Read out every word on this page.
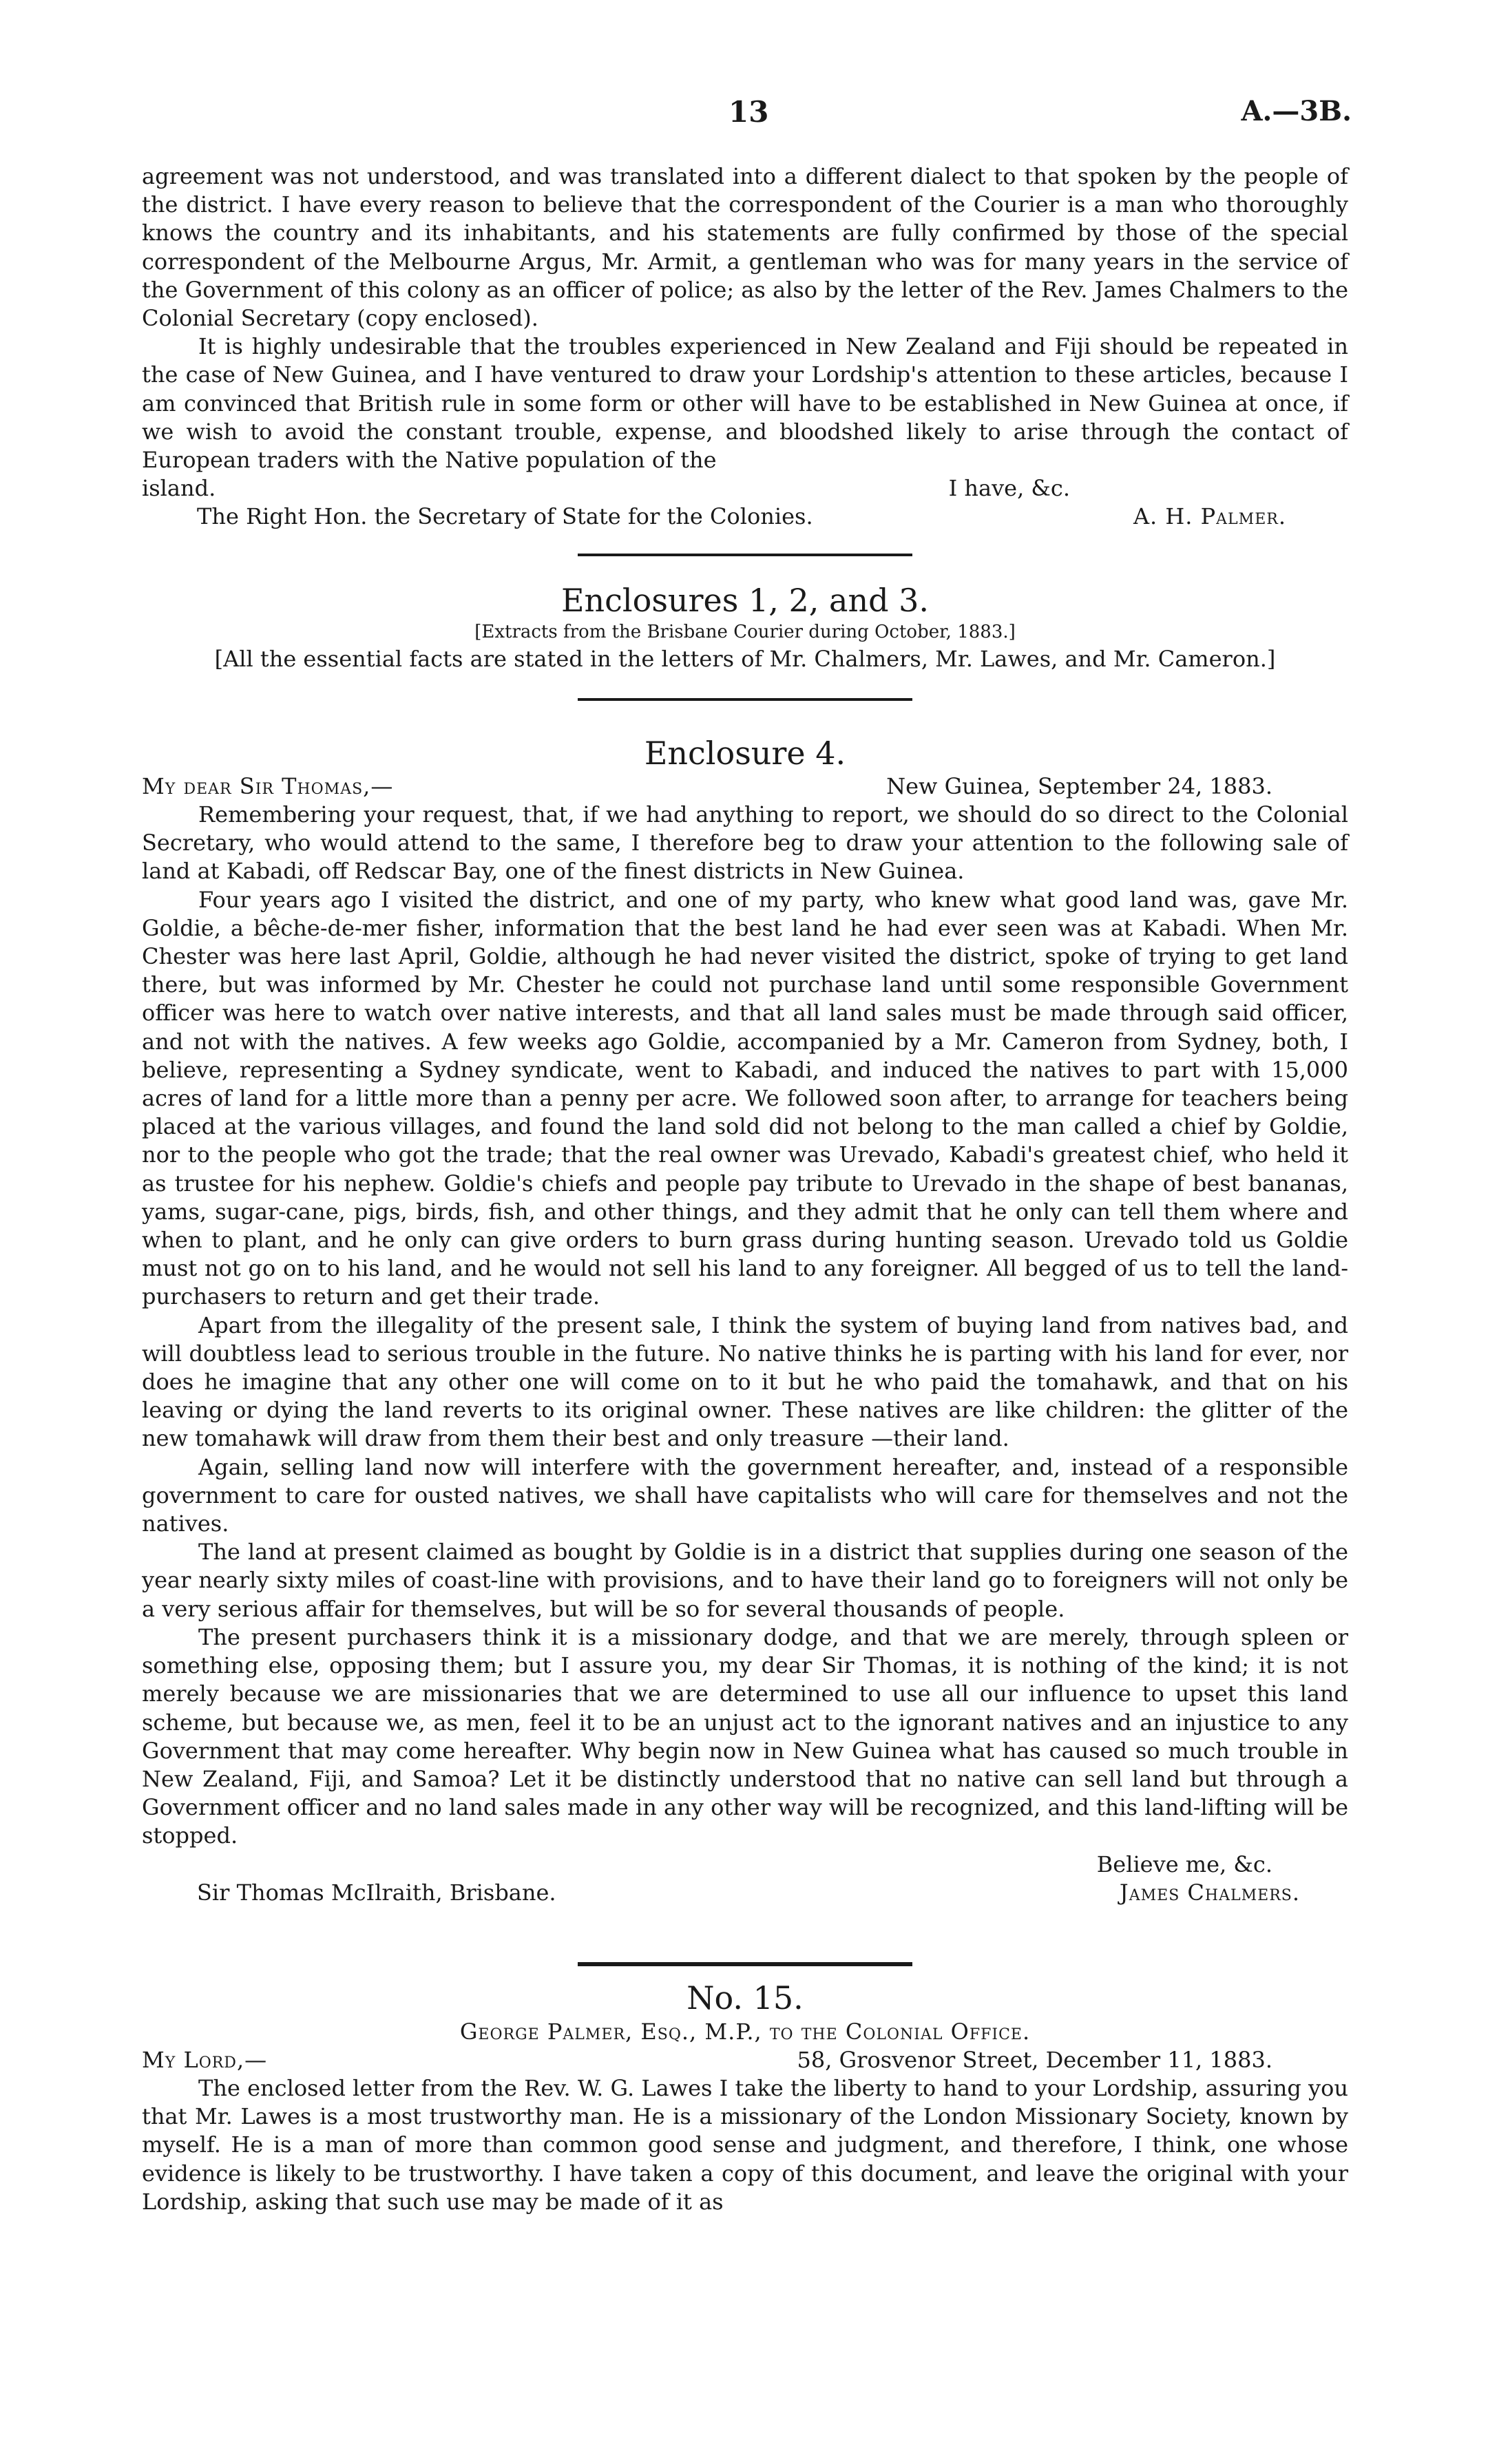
13	A.—3B.

agreement was not understood, and was translated into a different dialect to that spoken by the people of the district. I have every reason to believe that the correspondent of the Courier is a man who thoroughly knows the country and its inhabitants, and his statements are fully confirmed by those of the special correspondent of the Melbourne Argus, Mr. Armit, a gentleman who was for many years in the service of the Government of this colony as an officer of police; as also by the letter of the Rev. James Chalmers to the Colonial Secretary (copy enclosed).

It is highly undesirable that the troubles experienced in New Zealand and Fiji should be repeated in the case of New Guinea, and I have ventured to draw your Lordship's attention to these articles, because I am convinced that British rule in some form or other will have to be established in New Guinea at once, if we wish to avoid the constant trouble, expense, and bloodshed likely to arise through the contact of European traders with the Native population of the

island.	I have, &c.
The Right Hon. the Secretary of State for the Colonies.	A. H. Palmer.
Enclosures 1, 2, and 3.

[Extracts from the Brisbane Courier during October, 1883.]

[All the essential facts are stated in the letters of Mr. Chalmers, Mr. Lawes, and Mr. Cameron.]

Enclosure 4.
My dear Sir Thomas,—	New Guinea, September 24, 1883.

Remembering your request, that, if we had anything to report, we should do so direct to the Colonial Secretary, who would attend to the same, I therefore beg to draw your attention to the following sale of land at Kabadi, off Redscar Bay, one of the finest districts in New Guinea.

Four years ago I visited the district, and one of my party, who knew what good land was, gave Mr. Goldie, a bêche-de-mer fisher, information that the best land he had ever seen was at Kabadi. When Mr. Chester was here last April, Goldie, although he had never visited the district, spoke of trying to get land there, but was informed by Mr. Chester he could not purchase land until some responsible Government officer was here to watch over native interests, and that all land sales must be made through said officer, and not with the natives. A few weeks ago Goldie, accompanied by a Mr. Cameron from Sydney, both, I believe, representing a Sydney syndicate, went to Kabadi, and induced the natives to part with 15,000 acres of land for a little more than a penny per acre. We followed soon after, to arrange for teachers being placed at the various villages, and found the land sold did not belong to the man called a chief by Goldie, nor to the people who got the trade; that the real owner was Urevado, Kabadi's greatest chief, who held it as trustee for his nephew. Goldie's chiefs and people pay tribute to Urevado in the shape of best bananas, yams, sugar-cane, pigs, birds, fish, and other things, and they admit that he only can tell them where and when to plant, and he only can give orders to burn grass during hunting season. Urevado told us Goldie must not go on to his land, and he would not sell his land to any foreigner. All begged of us to tell the land-purchasers to return and get their trade.

Apart from the illegality of the present sale, I think the system of buying land from natives bad, and will doubtless lead to serious trouble in the future. No native thinks he is parting with his land for ever, nor does he imagine that any other one will come on to it but he who paid the tomahawk, and that on his leaving or dying the land reverts to its original owner. These natives are like children: the glitter of the new tomahawk will draw from them their best and only treasure —their land.

Again, selling land now will interfere with the government hereafter, and, instead of a responsible government to care for ousted natives, we shall have capitalists who will care for themselves and not the natives.

The land at present claimed as bought by Goldie is in a district that supplies during one season of the year nearly sixty miles of coast-line with provisions, and to have their land go to foreigners will not only be a very serious affair for themselves, but will be so for several thousands of people.

The present purchasers think it is a missionary dodge, and that we are merely, through spleen or something else, opposing them; but I assure you, my dear Sir Thomas, it is nothing of the kind; it is not merely because we are missionaries that we are determined to use all our influence to upset this land scheme, but because we, as men, feel it to be an unjust act to the ignorant natives and an injustice to any Government that may come hereafter. Why begin now in New Guinea what has caused so much trouble in New Zealand, Fiji, and Samoa? Let it be distinctly understood that no native can sell land but through a Government officer and no land sales made in any other way will be recognized, and this land-lifting will be stopped.

Believe me, &c.
Sir Thomas McIlraith, Brisbane.	James Chalmers.
No. 15.

George Palmer, Esq., M.P., to the Colonial Office.

My Lord,—	58, Grosvenor Street, December 11, 1883.

The enclosed letter from the Rev. W. G. Lawes I take the liberty to hand to your Lordship, assuring you that Mr. Lawes is a most trustworthy man. He is a missionary of the London Missionary Society, known by myself. He is a man of more than common good sense and judgment, and therefore, I think, one whose evidence is likely to be trustworthy. I have taken a copy of this document, and leave the original with your Lordship, asking that such use may be made of it as
